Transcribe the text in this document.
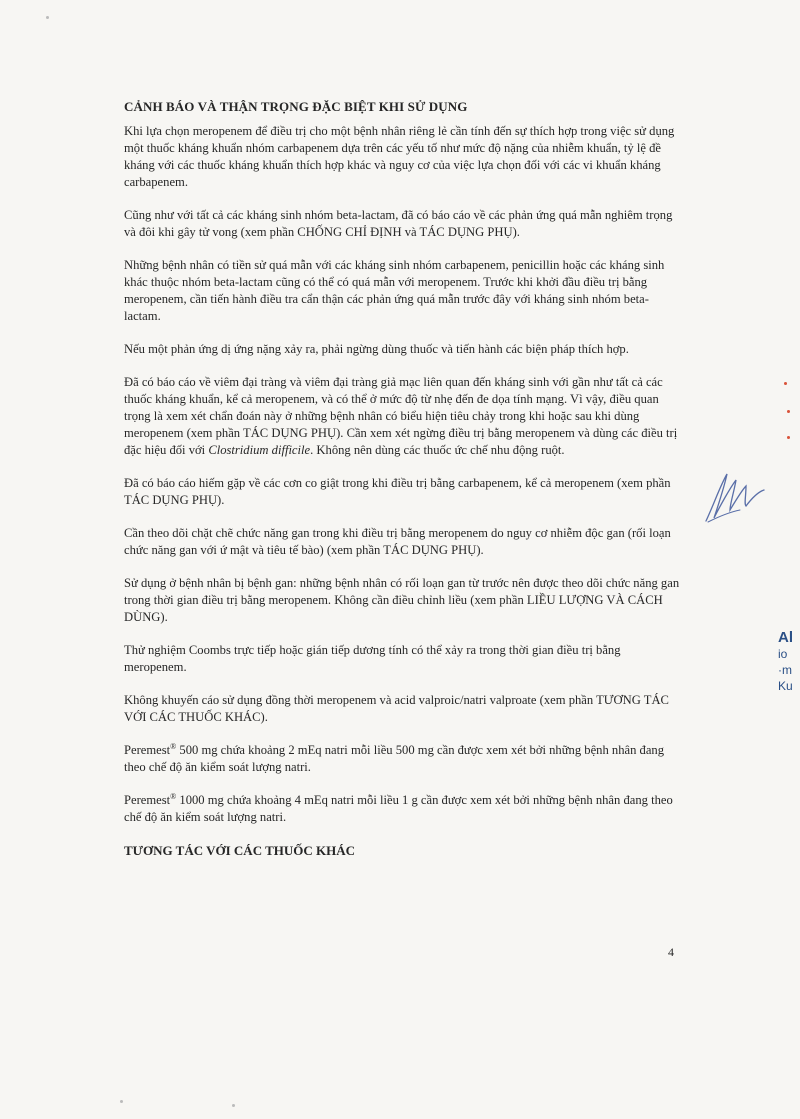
CẢNH BÁO VÀ THẬN TRỌNG ĐẶC BIỆT KHI SỬ DỤNG

Khi lựa chọn meropenem để điều trị cho một bệnh nhân riêng lẻ cần tính đến sự thích hợp trong việc sử dụng một thuốc kháng khuẩn nhóm carbapenem dựa trên các yếu tố như mức độ nặng của nhiễm khuẩn, tỷ lệ đề kháng với các thuốc kháng khuẩn thích hợp khác và nguy cơ của việc lựa chọn đối với các vi khuẩn kháng carbapenem.

Cũng như với tất cả các kháng sinh nhóm beta-lactam, đã có báo cáo về các phản ứng quá mẫn nghiêm trọng và đôi khi gây tử vong (xem phần CHỐNG CHỈ ĐỊNH và TÁC DỤNG PHỤ).

Những bệnh nhân có tiền sử quá mẫn với các kháng sinh nhóm carbapenem, penicillin hoặc các kháng sinh khác thuộc nhóm beta-lactam cũng có thể có quá mẫn với meropenem. Trước khi khởi đầu điều trị bằng meropenem, cần tiến hành điều tra cẩn thận các phản ứng quá mẫn trước đây với kháng sinh nhóm beta-lactam.

Nếu một phản ứng dị ứng nặng xảy ra, phải ngừng dùng thuốc và tiến hành các biện pháp thích hợp.

Đã có báo cáo về viêm đại tràng và viêm đại tràng giả mạc liên quan đến kháng sinh với gần như tất cả các thuốc kháng khuẩn, kể cả meropenem, và có thể ở mức độ từ nhẹ đến đe dọa tính mạng. Vì vậy, điều quan trọng là xem xét chẩn đoán này ở những bệnh nhân có biểu hiện tiêu chảy trong khi hoặc sau khi dùng meropenem (xem phần TÁC DỤNG PHỤ). Cần xem xét ngừng điều trị bằng meropenem và dùng các điều trị đặc hiệu đối với Clostridium difficile. Không nên dùng các thuốc ức chế nhu động ruột.

Đã có báo cáo hiếm gặp về các cơn co giật trong khi điều trị bằng carbapenem, kể cả meropenem (xem phần TÁC DỤNG PHỤ).

Cần theo dõi chặt chẽ chức năng gan trong khi điều trị bằng meropenem do nguy cơ nhiễm độc gan (rối loạn chức năng gan với ứ mật và tiêu tế bào) (xem phần TÁC DỤNG PHỤ).

Sử dụng ở bệnh nhân bị bệnh gan: những bệnh nhân có rối loạn gan từ trước nên được theo dõi chức năng gan trong thời gian điều trị bằng meropenem. Không cần điều chỉnh liều (xem phần LIỀU LƯỢNG VÀ CÁCH DÙNG).

Thử nghiệm Coombs trực tiếp hoặc gián tiếp dương tính có thể xảy ra trong thời gian điều trị bằng meropenem.

Không khuyến cáo sử dụng đồng thời meropenem và acid valproic/natri valproate (xem phần TƯƠNG TÁC VỚI CÁC THUỐC KHÁC).

Peremest® 500 mg chứa khoảng 2 mEq natri mỗi liều 500 mg cần được xem xét bởi những bệnh nhân đang theo chế độ ăn kiểm soát lượng natri.

Peremest® 1000 mg chứa khoảng 4 mEq natri mỗi liều 1 g cần được xem xét bởi những bệnh nhân đang theo chế độ ăn kiểm soát lượng natri.

TƯƠNG TÁC VỚI CÁC THUỐC KHÁC
4
Al
io
·m
Ku
